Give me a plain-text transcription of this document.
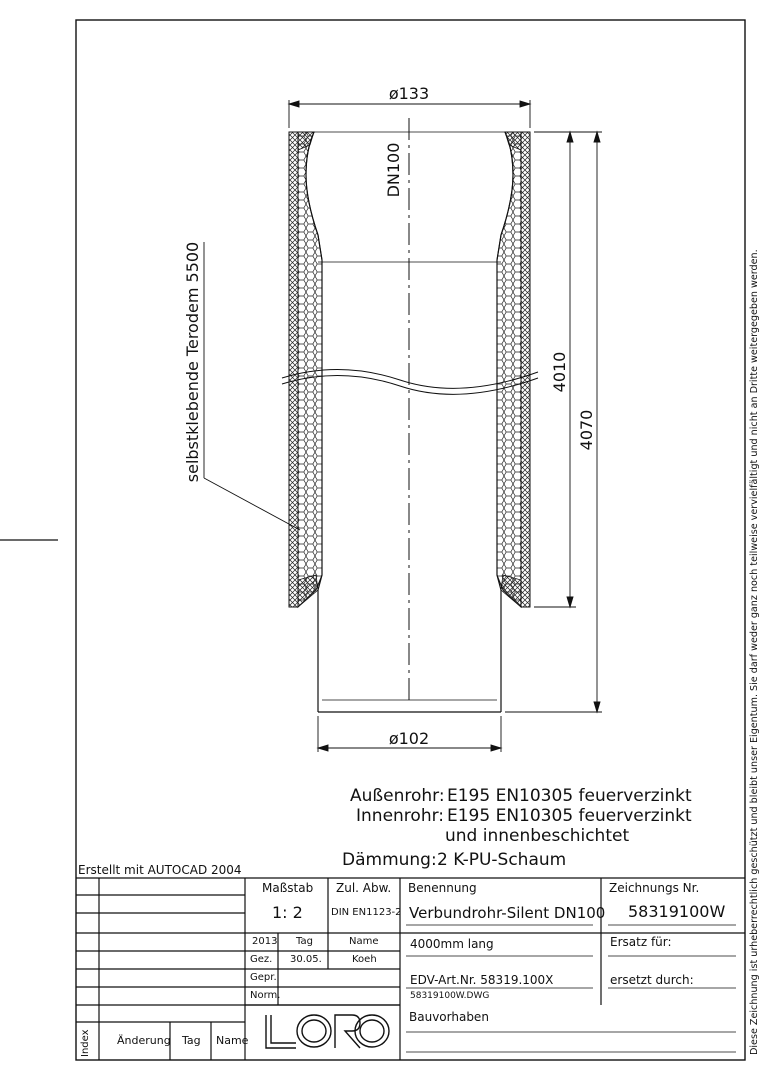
ø133
ø102
DN100
4010
4070
selbstklebende Terodem 5500
LORO
Diese Zeichnung ist urheberrechtlich geschützt und bleibt unser Eigentum. Sie darf weder ganz noch teilweise vervielfältigt und nicht an Dritte weitergegeben werden.
Außenrohr: E195 EN10305 feuerverzinkt
Innenrohr: E195 EN10305 feuerverzinkt
und innenbeschichtet
Dämmung: 2 K-PU-Schaum
Erstellt mit AUTOCAD 2004
Maßstab
1: 2
Zul. Abw.
DIN EN1123-2
Benennung
Verbundrohr-Silent DN100
Zeichnungs Nr.
58319100W
2013 Tag	Name
Gez. 30.05.	Koeh
Gepr.
Norm.
4000mm lang	Ersatz für:
EDV-Art.Nr. 58319.100X
58319100W.DWG
ersetzt durch:
Bauvorhaben
Index Änderung Tag Name
